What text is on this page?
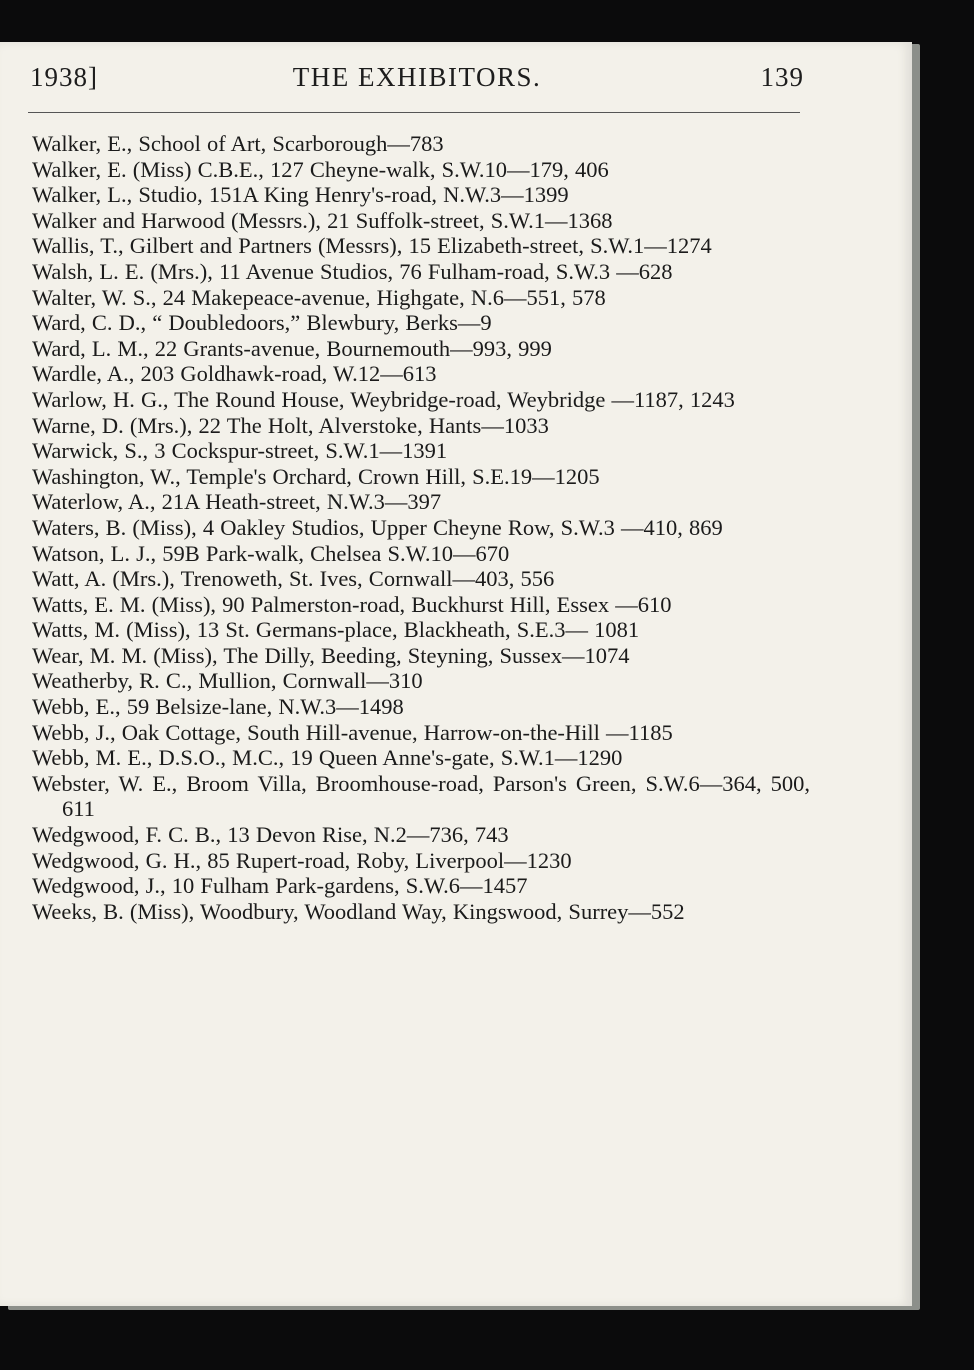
1938]	THE EXHIBITORS.	139
Walker, E., School of Art, Scarborough—783
Walker, E. (Miss) C.B.E., 127 Cheyne-walk, S.W.10—179, 406
Walker, L., Studio, 151A King Henry's-road, N.W.3—1399
Walker and Harwood (Messrs.), 21 Suffolk-street, S.W.1—1368
Wallis, T., Gilbert and Partners (Messrs), 15 Elizabeth-street, S.W.1—1274
Walsh, L. E. (Mrs.), 11 Avenue Studios, 76 Fulham-road, S.W.3 —628
Walter, W. S., 24 Makepeace-avenue, Highgate, N.6—551, 578
Ward, C. D., “ Doubledoors,” Blewbury, Berks—9
Ward, L. M., 22 Grants-avenue, Bournemouth—993, 999
Wardle, A., 203 Goldhawk-road, W.12—613
Warlow, H. G., The Round House, Weybridge-road, Weybridge —1187, 1243
Warne, D. (Mrs.), 22 The Holt, Alverstoke, Hants—1033
Warwick, S., 3 Cockspur-street, S.W.1—1391
Washington, W., Temple's Orchard, Crown Hill, S.E.19—1205
Waterlow, A., 21A Heath-street, N.W.3—397
Waters, B. (Miss), 4 Oakley Studios, Upper Cheyne Row, S.W.3 —410, 869
Watson, L. J., 59B Park-walk, Chelsea S.W.10—670
Watt, A. (Mrs.), Trenoweth, St. Ives, Cornwall—403, 556
Watts, E. M. (Miss), 90 Palmerston-road, Buckhurst Hill, Essex —610
Watts, M. (Miss), 13 St. Germans-place, Blackheath, S.E.3— 1081
Wear, M. M. (Miss), The Dilly, Beeding, Steyning, Sussex—1074
Weatherby, R. C., Mullion, Cornwall—310
Webb, E., 59 Belsize-lane, N.W.3—1498
Webb, J., Oak Cottage, South Hill-avenue, Harrow-on-the-Hill —1185
Webb, M. E., D.S.O., M.C., 19 Queen Anne's-gate, S.W.1—1290
Webster, W. E., Broom Villa, Broomhouse-road, Parson's Green, S.W.6—364, 500, 611
Wedgwood, F. C. B., 13 Devon Rise, N.2—736, 743
Wedgwood, G. H., 85 Rupert-road, Roby, Liverpool—1230
Wedgwood, J., 10 Fulham Park-gardens, S.W.6—1457
Weeks, B. (Miss), Woodbury, Woodland Way, Kingswood, Surrey—552
